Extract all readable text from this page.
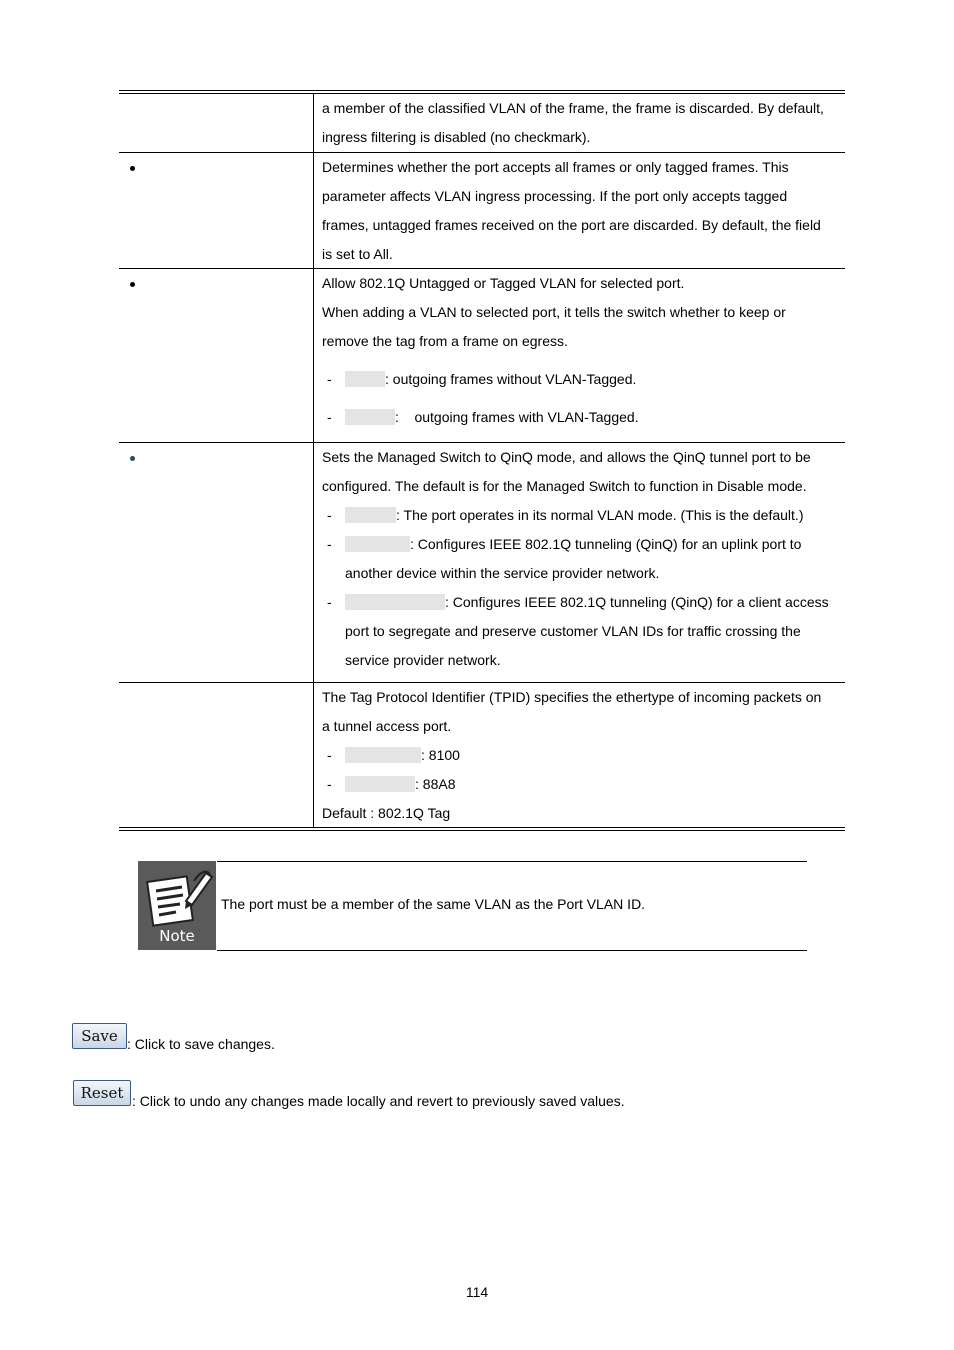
a member of the classified VLAN of the frame, the frame is discarded. By default,

ingress filtering is disabled (no checkmark).

Determines whether the port accepts all frames or only tagged frames. This

parameter affects VLAN ingress processing. If the port only accepts tagged

frames, untagged frames received on the port are discarded. By default, the field

is set to All.

Allow 802.1Q Untagged or Tagged VLAN for selected port.

When adding a VLAN to selected port, it tells the switch whether to keep or

remove the tag from a frame on egress.

-	: outgoing frames without VLAN-Tagged.
-	:    outgoing frames with VLAN-Tagged.

Sets the Managed Switch to QinQ mode, and allows the QinQ tunnel port to be

configured. The default is for the Managed Switch to function in Disable mode.

-	: The port operates in its normal VLAN mode. (This is the default.)
-	: Configures IEEE 802.1Q tunneling (QinQ) for an uplink port to

another device within the service provider network.

-	: Configures IEEE 802.1Q tunneling (QinQ) for a client access

port to segregate and preserve customer VLAN IDs for traffic crossing the

service provider network.

The Tag Protocol Identifier (TPID) specifies the ethertype of incoming packets on

a tunnel access port.

-	: 8100
-	: 88A8

Default : 802.1Q Tag

Note
The port must be a member of the same VLAN as the Port VLAN ID.
Save : Click to save changes.
Reset : Click to undo any changes made locally and revert to previously saved values.
114
